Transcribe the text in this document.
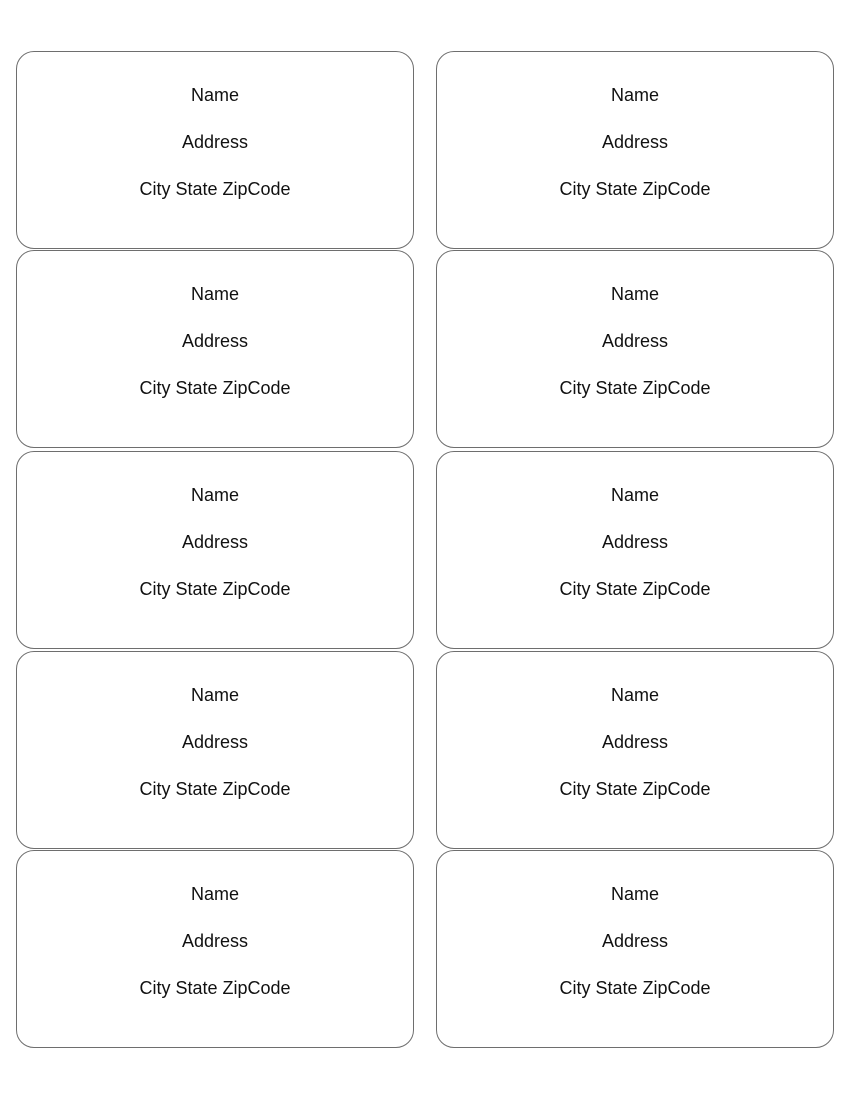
Name
Address
City State ZipCode
Name
Address
City State ZipCode
Name
Address
City State ZipCode
Name
Address
City State ZipCode
Name
Address
City State ZipCode
Name
Address
City State ZipCode
Name
Address
City State ZipCode
Name
Address
City State ZipCode
Name
Address
City State ZipCode
Name
Address
City State ZipCode
